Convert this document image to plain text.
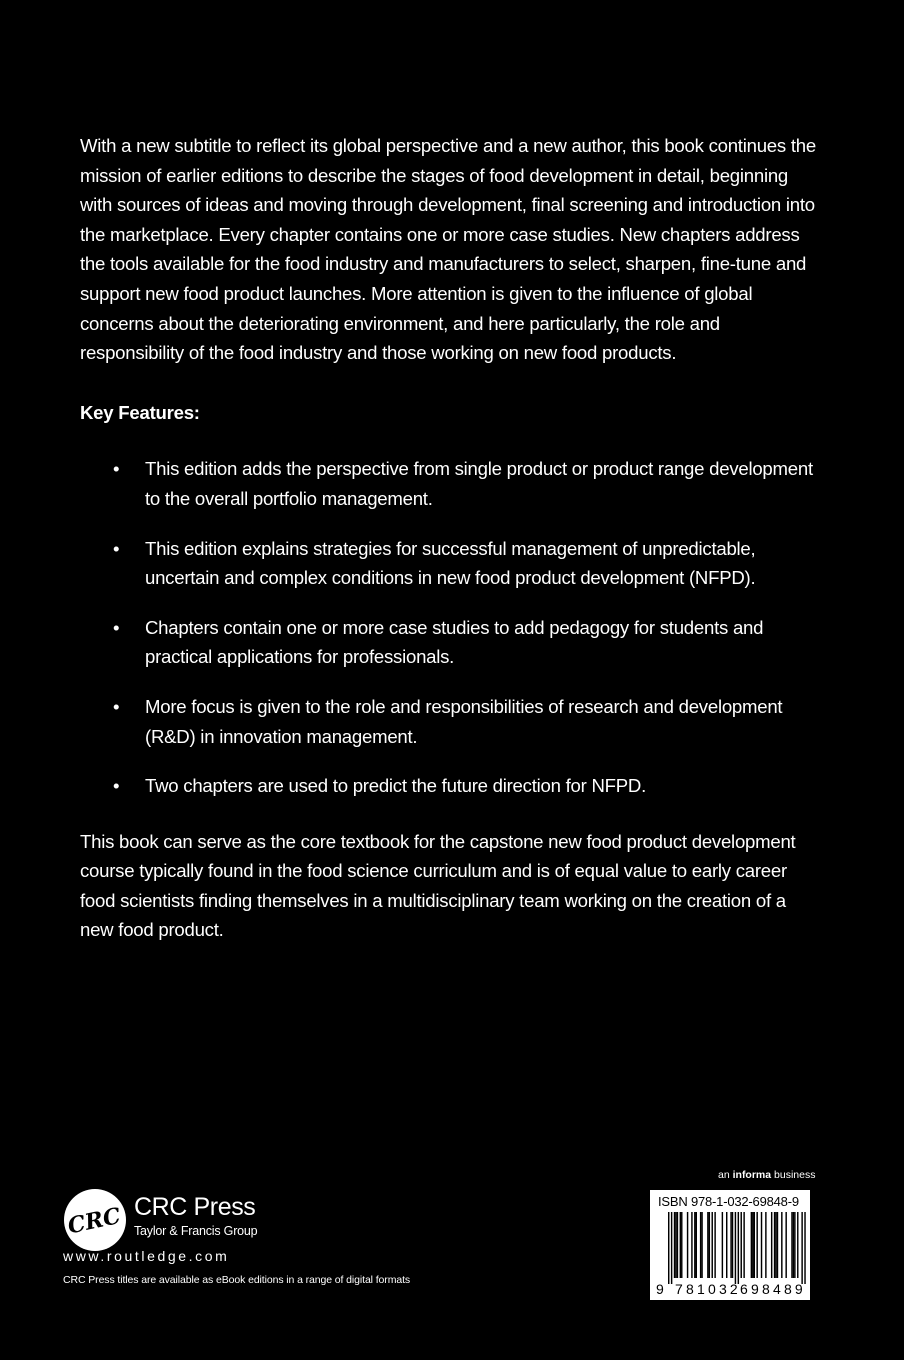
With a new subtitle to reflect its global perspective and a new author, this book continues the mission of earlier editions to describe the stages of food development in detail, beginning with sources of ideas and moving through development, final screening and introduction into the marketplace. Every chapter contains one or more case studies. New chapters address the tools available for the food industry and manufacturers to select, sharpen, fine-tune and support new food product launches. More attention is given to the influence of global concerns about the deteriorating environment, and here particularly, the role and responsibility of the food industry and those working on new food products.

Key Features:

• This edition adds the perspective from single product or product range development to the overall portfolio management.
• This edition explains strategies for successful management of unpredictable, uncertain and complex conditions in new food product development (NFPD).
• Chapters contain one or more case studies to add pedagogy for students and practical applications for professionals.
• More focus is given to the role and responsibilities of research and development (R&D) in innovation management.
• Two chapters are used to predict the future direction for NFPD.

This book can serve as the core textbook for the capstone new food product development course typically found in the food science curriculum and is of equal value to early career food scientists finding themselves in a multidisciplinary team working on the creation of a new food product.

CRC CRC Press
Taylor & Francis Group
www.routledge.com
CRC Press titles are available as eBook editions in a range of digital formats
an informa business
ISBN 978-1-032-69848-9
9 781032 698489
